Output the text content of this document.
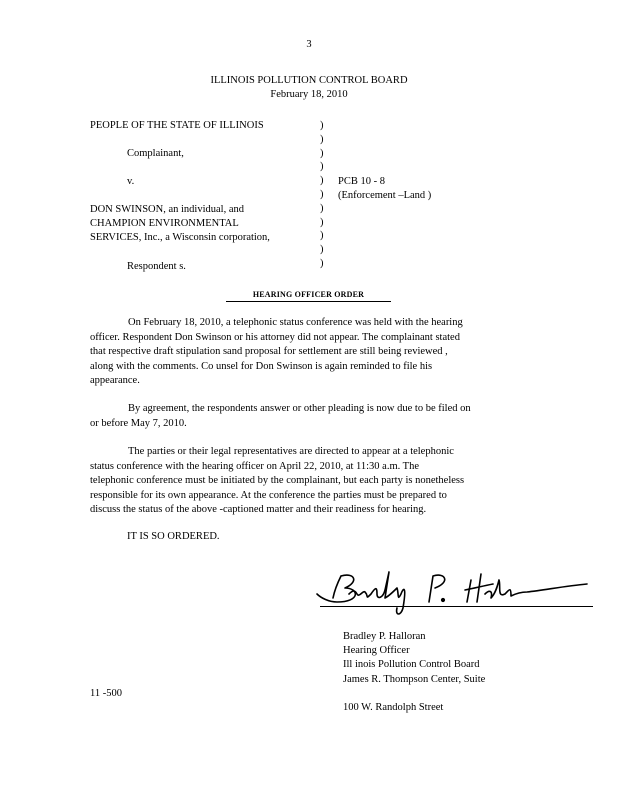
3
ILLINOIS POLLUTION CONTROL BOARD
February 18, 2010
PEOPLE OF THE STATE OF ILLINOIS
Complainant,
v.
DON SWINSON, an individual, and
CHAMPION ENVIRONMENTAL
SERVICES, Inc., a Wisconsin corporation,
Respondent s.
)
)
)
)
)
)
)
)
)
)
)
PCB 10 - 8
(Enforcement –Land )
HEARING OFFICER ORDER
On February 18, 2010, a telephonic status conference was held with the hearing
officer. Respondent Don Swinson or his attorney did not appear. The complainant stated
that respective draft stipulation sand proposal for settlement are still being reviewed ,
along with the comments. Co unsel for Don Swinson is again reminded to file his
appearance.
By agreement, the respondents answer or other pleading is now due to be filed on
or before May 7, 2010.
The parties or their legal representatives are directed to appear at a telephonic
status conference with the hearing officer on April 22, 2010, at 11:30 a.m. The
telephonic conference must be initiated by the complainant, but each party is nonetheless
responsible for its own appearance. At the conference the parties must be prepared to
discuss the status of the above -captioned matter and their readiness for hearing.
IT IS SO ORDERED.
Bradley P. Halloran
Hearing Officer
Ill inois Pollution Control Board
James R. Thompson Center, Suite
11 -500
100 W. Randolph Street
